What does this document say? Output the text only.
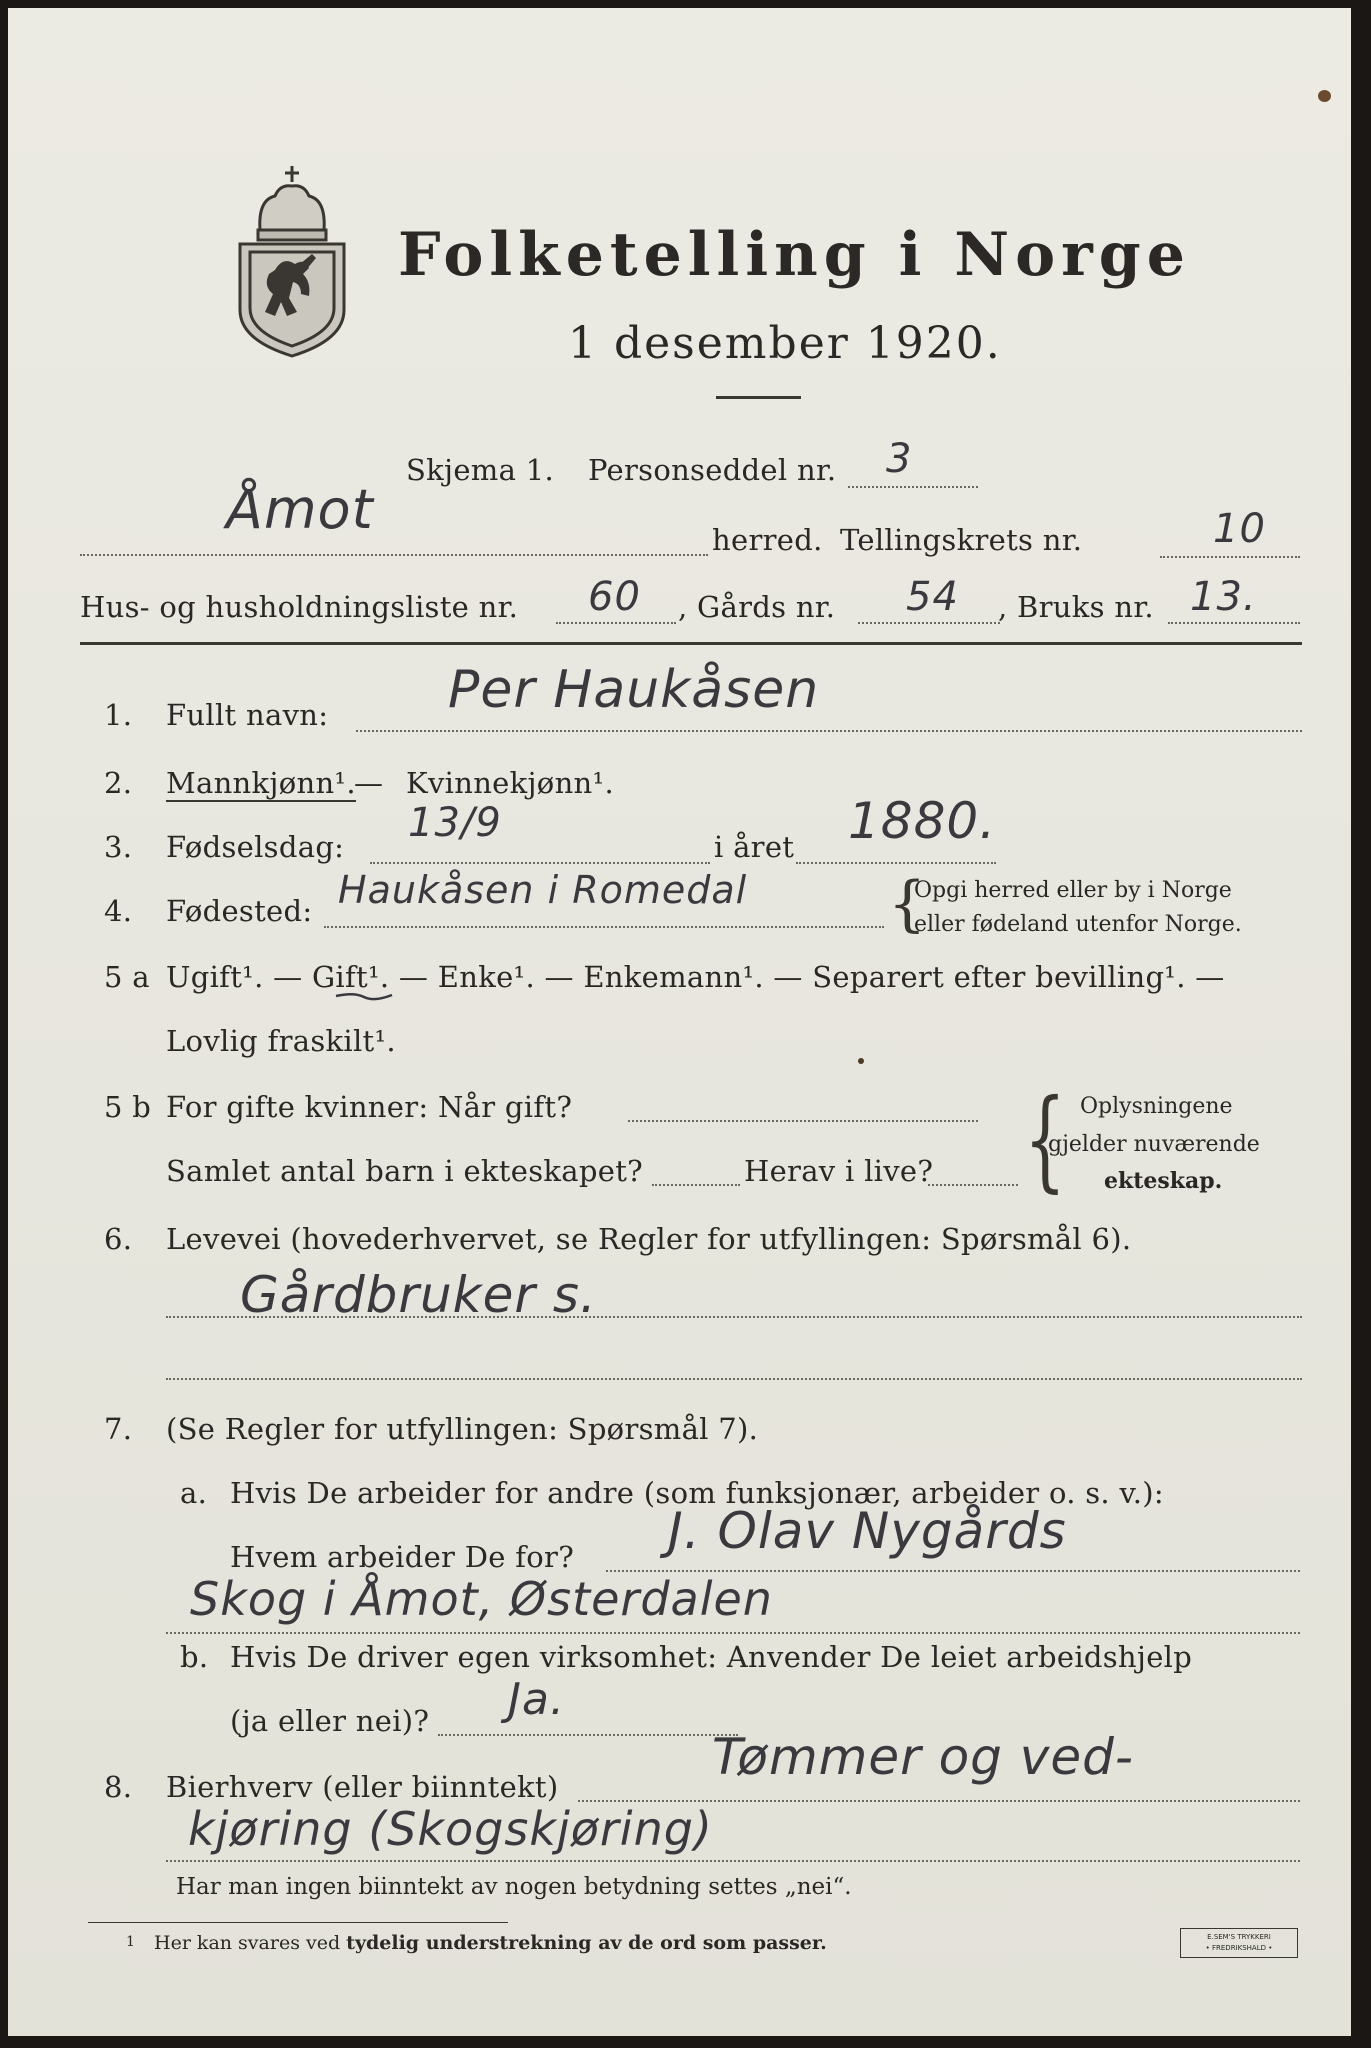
Folketelling i Norge
1 desember 1920.
Skjema 1. Personseddel nr. 3
Åmot	herred. Tellingskrets nr.	10
Hus- og husholdningsliste nr. 60 , Gårds nr. 54 , Bruks nr. 13.
1. Fullt navn: Per Haukåsen
2. Mannkjønn¹.
— Kvinnekjønn¹.
3. Fødselsdag:
13/9
i året 1880.
4. Fødested: Haukåsen i Romedal {
Opgi herred eller by i Norge
eller fødeland utenfor Norge.
5 a Ugift¹. — Gift¹. — Enke¹. — Enkemann¹. — Separert efter bevilling¹. —
Lovlig fraskilt¹.
5 b For gifte kvinner: Når gift?
Samlet antal barn i ekteskapet?	Herav i live? { Oplysningene
gjelder nuværende
ekteskap.
6. Levevei (hovederhvervet, se Regler for utfyllingen: Spørsmål 6).
Gårdbruker s.
7. (Se Regler for utfyllingen: Spørsmål 7).
a. Hvis De arbeider for andre (som funksjonær, arbeider o. s. v.):
Hvem arbeider De for? J. Olav Nygårds
Skog i Åmot, Østerdalen
b. Hvis De driver egen virksomhet: Anvender De leiet arbeidshjelp
(ja eller nei)? Ja.
8. Bierhverv (eller biinntekt)
Tømmer og ved-
kjøring (Skogskjøring)
Har man ingen biinntekt av nogen betydning settes „nei“.
1 Her kan svares ved tydelig understrekning av de ord som passer.	E.SEM'S TRYKKERI
• FREDRIKSHALD •
